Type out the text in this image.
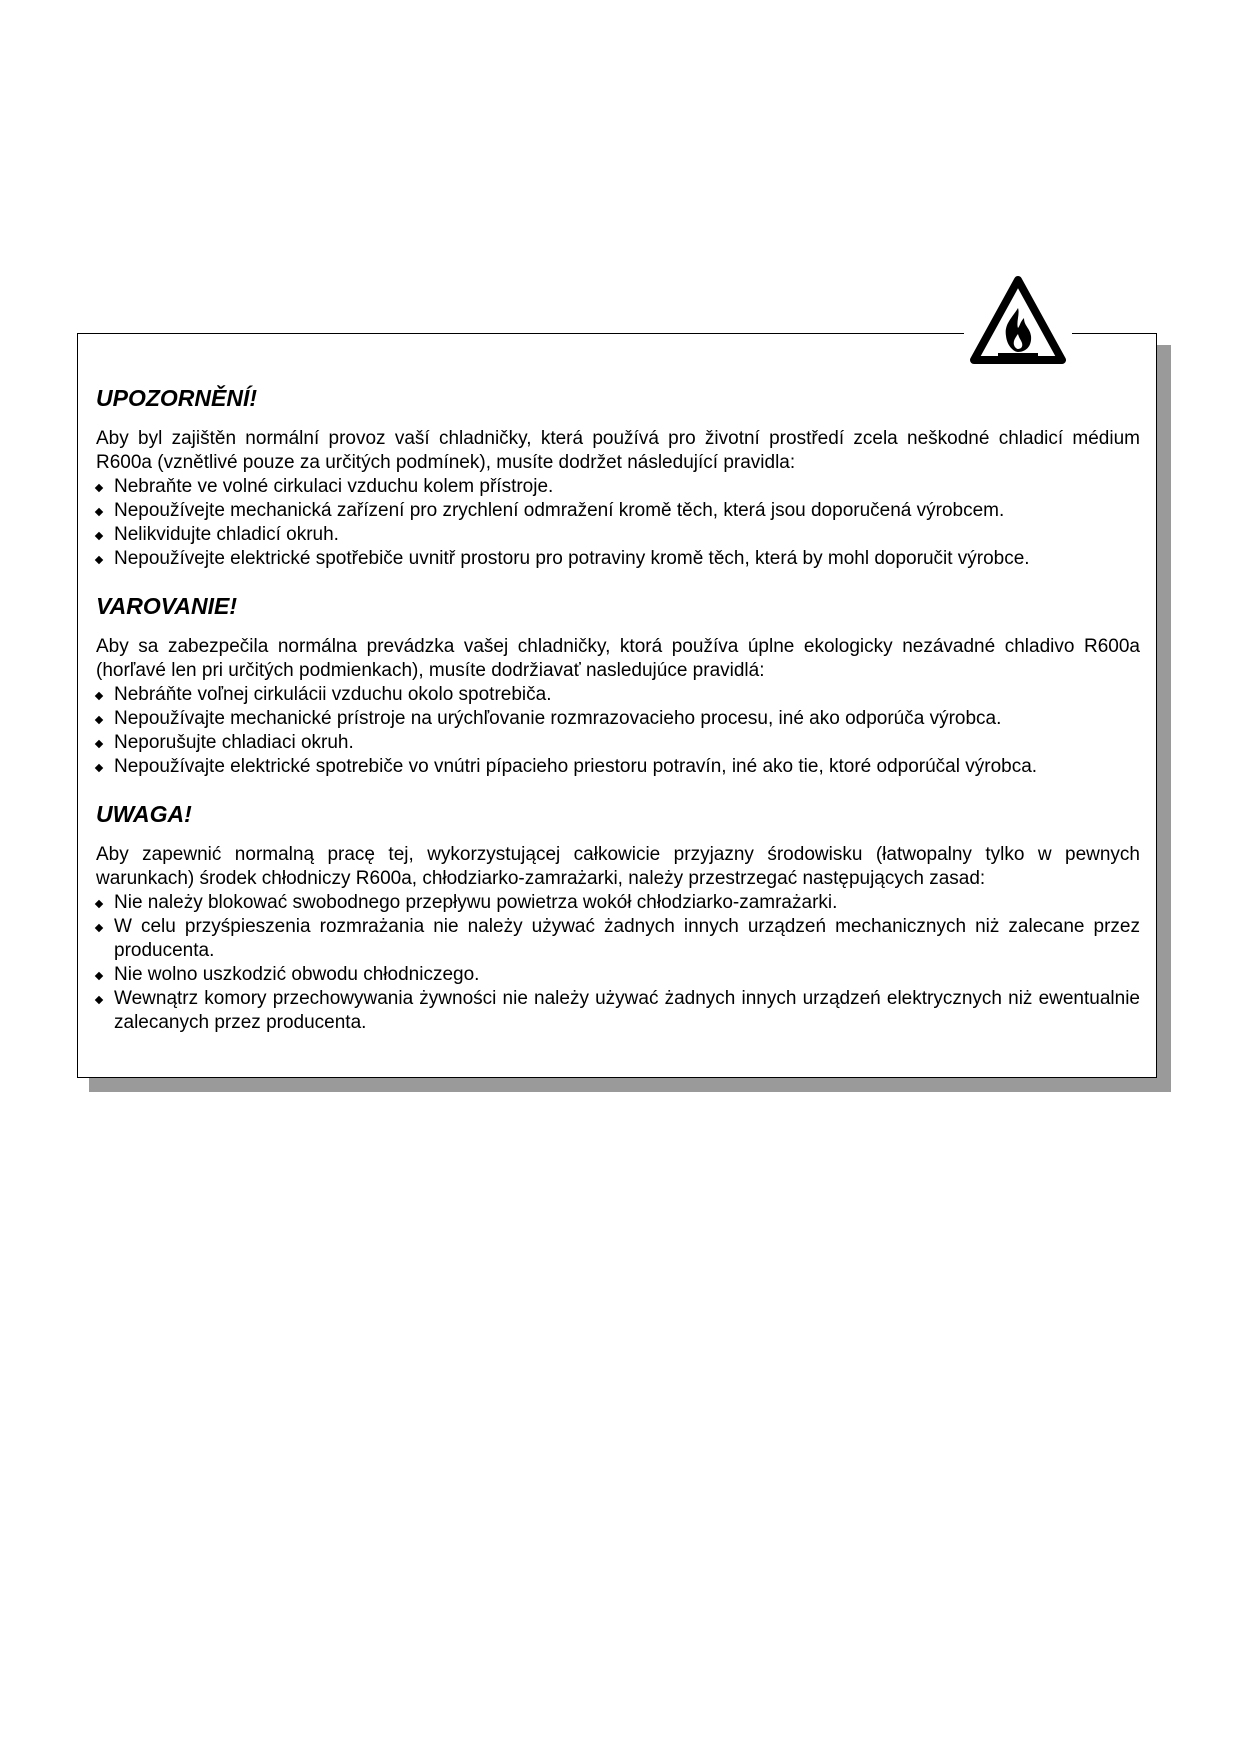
UPOZORNĚNÍ!

Aby byl zajištěn normální provoz vaší chladničky, která používá pro životní prostředí zcela neškodné chladicí médium R600a (vznětlivé pouze za určitých podmínek), musíte dodržet následující pravidla:

Nebraňte ve volné cirkulaci vzduchu kolem přístroje.
Nepoužívejte mechanická zařízení pro zrychlení odmražení kromě těch, která jsou doporučená výrobcem.
Nelikvidujte chladicí okruh.
Nepoužívejte elektrické spotřebiče uvnitř prostoru pro potraviny kromě těch, která by mohl doporučit výrobce.
VAROVANIE!

Aby sa zabezpečila normálna prevádzka vašej chladničky, ktorá používa úplne ekologicky nezávadné chladivo R600a (horľavé len pri určitých podmienkach), musíte dodržiavať nasledujúce pravidlá:

Nebráňte voľnej cirkulácii vzduchu okolo spotrebiča.
Nepoužívajte mechanické prístroje na urýchľovanie rozmrazovacieho procesu, iné ako odporúča výrobca.
Neporušujte chladiaci okruh.
Nepoužívajte elektrické spotrebiče vo vnútri pípacieho priestoru potravín, iné ako tie, ktoré odporúčal výrobca.
UWAGA!

Aby zapewnić normalną pracę tej, wykorzystującej całkowicie przyjazny środowisku (łatwopalny tylko w pewnych warunkach) środek chłodniczy R600a, chłodziarko-zamrażarki, należy przestrzegać następujących zasad:

Nie należy blokować swobodnego przepływu powietrza wokół chłodziarko-zamrażarki.
W celu przyśpieszenia rozmrażania nie należy używać żadnych innych urządzeń mechanicznych niż zalecane przez producenta.
Nie wolno uszkodzić obwodu chłodniczego.
Wewnątrz komory przechowywania żywności nie należy używać żadnych innych urządzeń elektrycznych niż ewentualnie zalecanych przez producenta.
